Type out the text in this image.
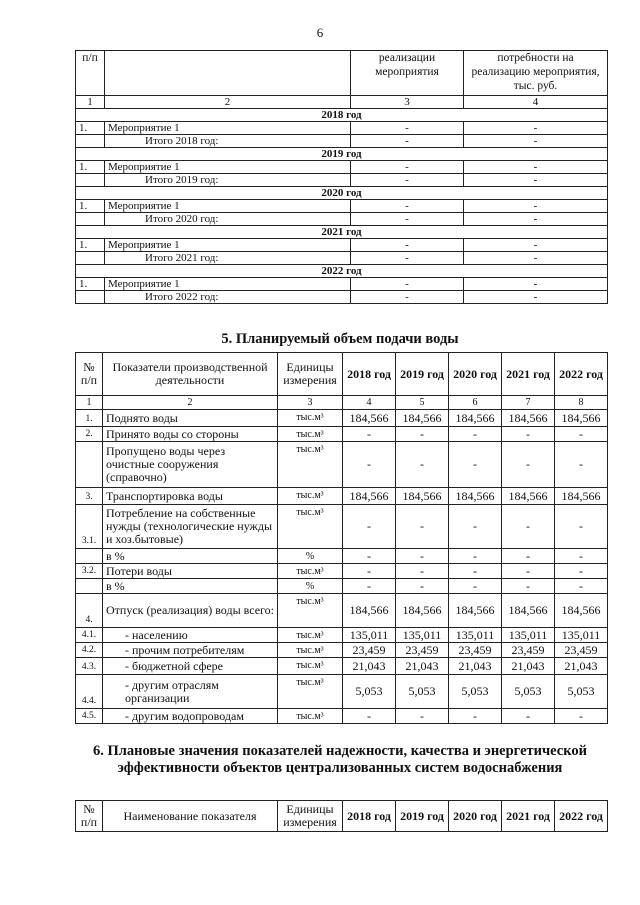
6
п/п		реализации мероприятия	потребности на реализацию мероприятия, тыс. руб.
1	2	3	4
2018 год			
1.	Мероприятие 1	-	-
	Итого 2018 год:	-	-
2019 год			
1.	Мероприятие 1	-	-
	Итого 2019 год:	-	-
2020 год			
1.	Мероприятие 1	-	-
	Итого 2020 год:	-	-
2021 год			
1.	Мероприятие 1	-	-
	Итого 2021 год:	-	-
2022 год			
1.	Мероприятие 1	-	-
	Итого 2022 год:	-	-
5. Планируемый объем подачи воды
№ п/п	Показатели производственной деятельности	Единицы измерения	2018 год	2019 год	2020 год	2021 год	2022 год
1	2	3	4	5	6	7	8
1.	Поднято воды	тыс.м³	184,566	184,566	184,566	184,566	184,566
2.	Принято воды со стороны	тыс.м³	-	-	-	-	-
	Пропущено воды через очистные сооружения (справочно)	тыс.м³	-	-	-	-	-
3.	Транспортировка воды	тыс.м³	184,566	184,566	184,566	184,566	184,566
3.1.	Потребление на собственные нужды (технологические нужды и хоз.бытовые)	тыс.м³	-	-	-	-	-
	в %	%	-	-	-	-	-
3.2.	Потери воды	тыс.м³	-	-	-	-	-
	в %	%	-	-	-	-	-
4.	Отпуск (реализация) воды всего:	тыс.м³	184,566	184,566	184,566	184,566	184,566
4.1.	- населению	тыс.м³	135,011	135,011	135,011	135,011	135,011
4.2.	- прочим потребителям	тыс.м³	23,459	23,459	23,459	23,459	23,459
4.3.	- бюджетной сфере	тыс.м³	21,043	21,043	21,043	21,043	21,043
4.4.	- другим отраслям организации	тыс.м³	5,053	5,053	5,053	5,053	5,053
4.5.	- другим водопроводам	тыс.м³	-	-	-	-	-
6. Плановые значения показателей надежности, качества и энергетической эффективности объектов централизованных систем водоснабжения
№ п/п	Наименование показателя	Единицы измерения	2018 год	2019 год	2020 год	2021 год	2022 год
